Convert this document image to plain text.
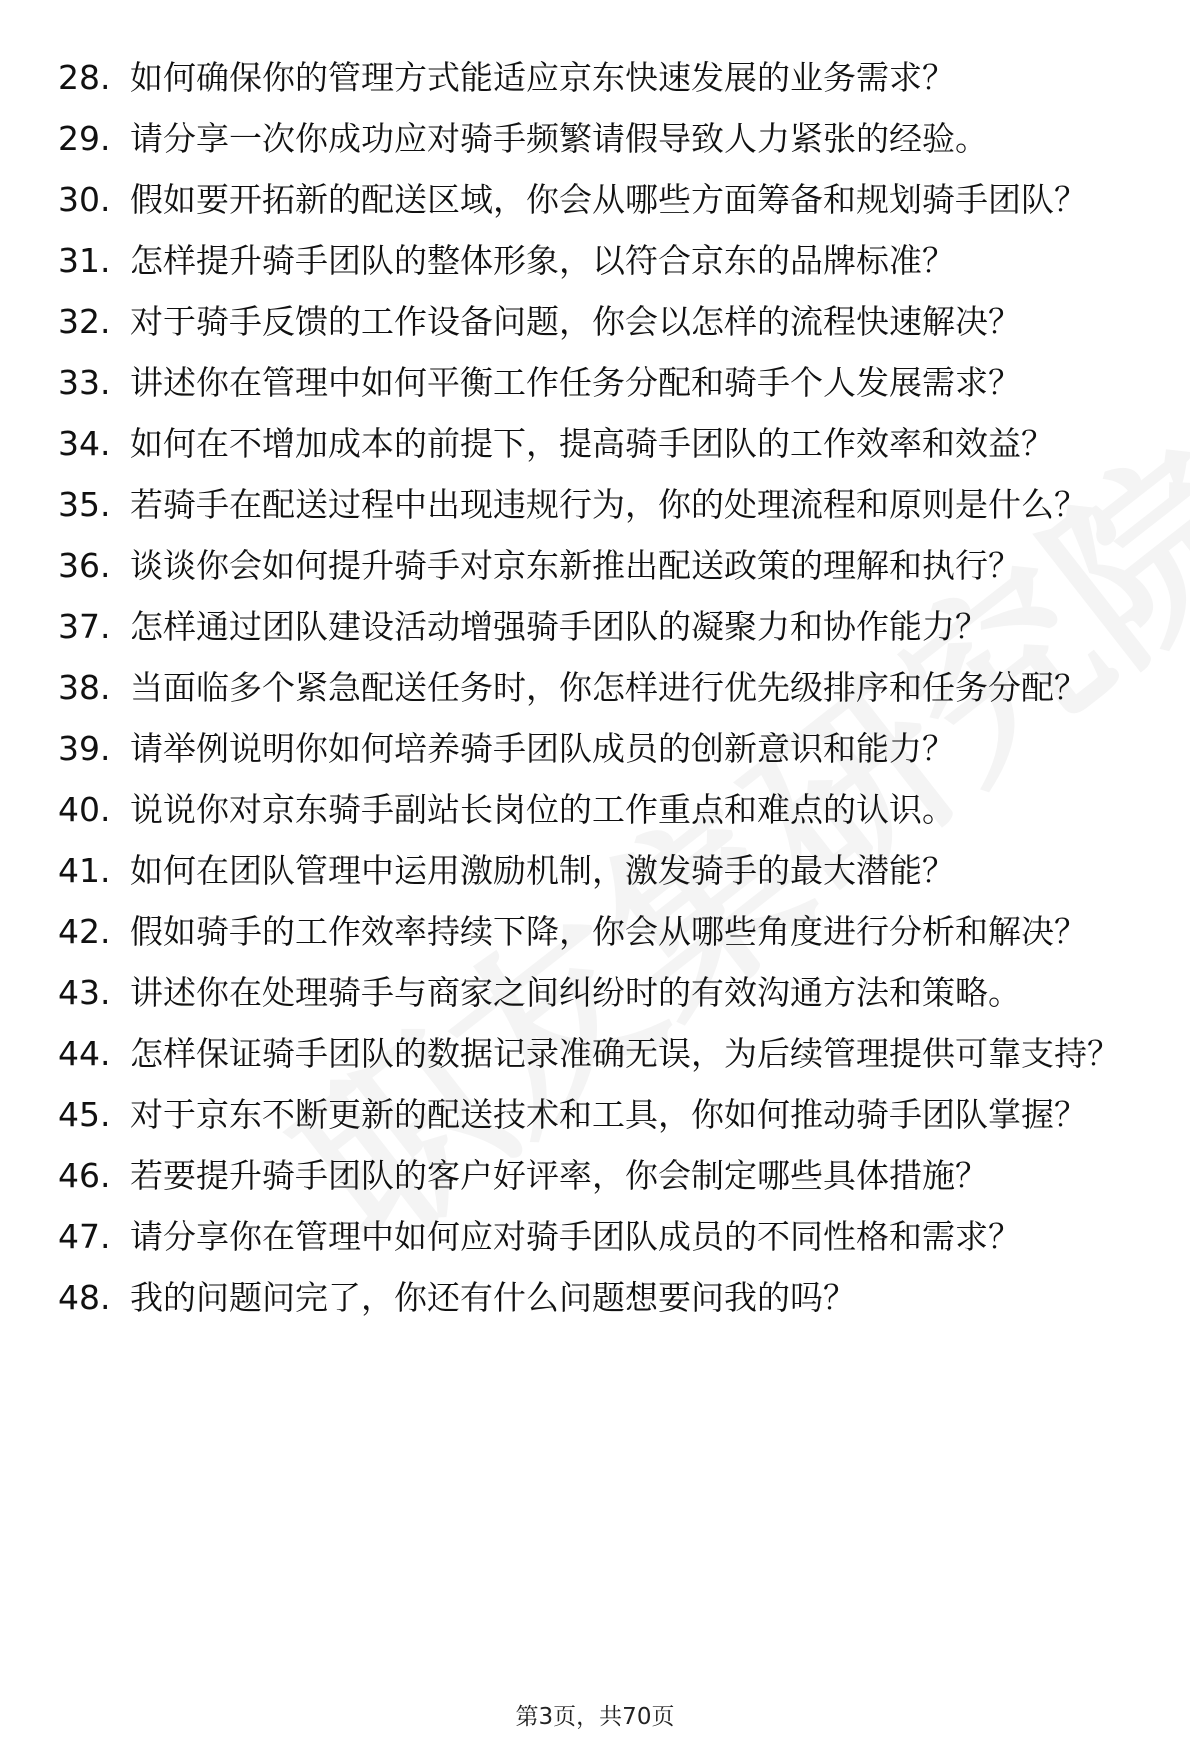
28. 如何确保你的管理方式能适应京东快速发展的业务需求？
29. 请分享一次你成功应对骑手频繁请假导致人力紧张的经验。
30. 假如要开拓新的配送区域，你会从哪些方面筹备和规划骑手团队？
31. 怎样提升骑手团队的整体形象，以符合京东的品牌标准？
32. 对于骑手反馈的工作设备问题，你会以怎样的流程快速解决？
33. 讲述你在管理中如何平衡工作任务分配和骑手个人发展需求？
34. 如何在不增加成本的前提下，提高骑手团队的工作效率和效益？
35. 若骑手在配送过程中出现违规行为，你的处理流程和原则是什么？
36. 谈谈你会如何提升骑手对京东新推出配送政策的理解和执行？
37. 怎样通过团队建设活动增强骑手团队的凝聚力和协作能力？
38. 当面临多个紧急配送任务时，你怎样进行优先级排序和任务分配？
39. 请举例说明你如何培养骑手团队成员的创新意识和能力？
40. 说说你对京东骑手副站长岗位的工作重点和难点的认识。
41. 如何在团队管理中运用激励机制，激发骑手的最大潜能？
42. 假如骑手的工作效率持续下降，你会从哪些角度进行分析和解决？
43. 讲述你在处理骑手与商家之间纠纷时的有效沟通方法和策略。
44. 怎样保证骑手团队的数据记录准确无误，为后续管理提供可靠支持？
45. 对于京东不断更新的配送技术和工具，你如何推动骑手团队掌握？
46. 若要提升骑手团队的客户好评率，你会制定哪些具体措施？
47. 请分享你在管理中如何应对骑手团队成员的不同性格和需求？
48. 我的问题问完了，你还有什么问题想要问我的吗？
第3页，共70页
